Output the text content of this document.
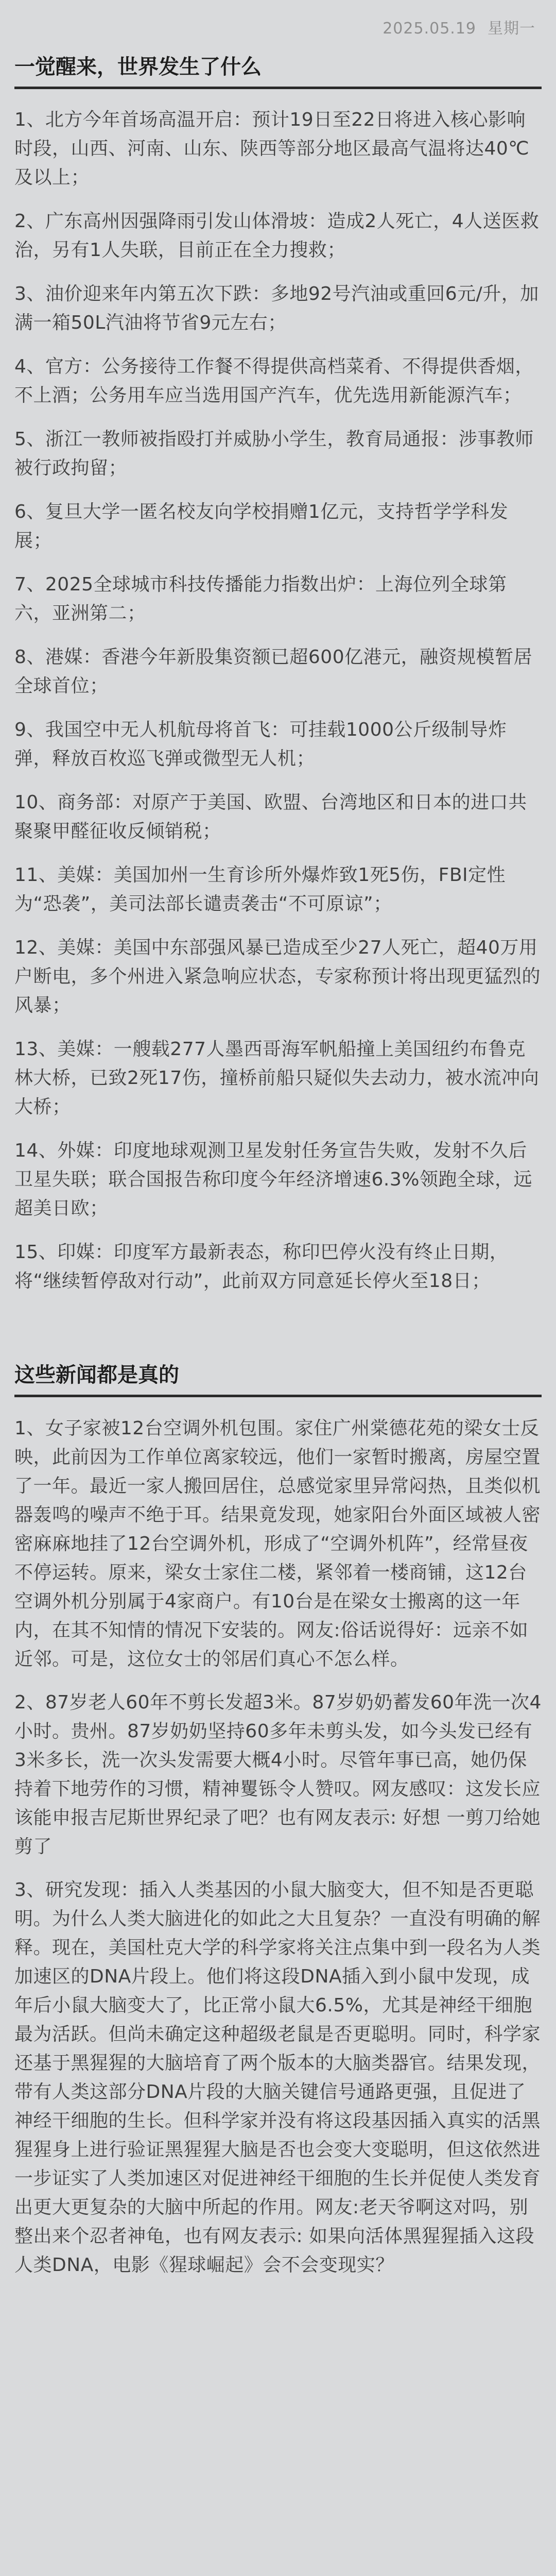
2025.05.19 星期一
一觉醒来，世界发生了什么

1、北方今年首场高温开启：预计19日至22日将进入核心影响时段，山西、河南、山东、陕西等部分地区最高气温将达40℃及以上；

2、广东高州因强降雨引发山体滑坡：造成2人死亡，4人送医救治，另有1人失联，目前正在全力搜救；

3、油价迎来年内第五次下跌：多地92号汽油或重回6元/升，加满一箱50L汽油将节省9元左右；

4、官方：公务接待工作餐不得提供高档菜肴、不得提供香烟，不上酒；公务用车应当选用国产汽车，优先选用新能源汽车；

5、浙江一教师被指殴打并威胁小学生，教育局通报：涉事教师被行政拘留；

6、复旦大学一匿名校友向学校捐赠1亿元，支持哲学学科发展；

7、2025全球城市科技传播能力指数出炉：上海位列全球第六，亚洲第二；

8、港媒：香港今年新股集资额已超600亿港元，融资规模暂居全球首位；

9、我国空中无人机航母将首飞：可挂载1000公斤级制导炸弹，释放百枚巡飞弹或微型无人机；

10、商务部：对原产于美国、欧盟、台湾地区和日本的进口共聚聚甲醛征收反倾销税；

11、美媒：美国加州一生育诊所外爆炸致1死5伤，FBI定性为“恐袭”，美司法部长谴责袭击“不可原谅”；

12、美媒：美国中东部强风暴已造成至少27人死亡，超40万用户断电，多个州进入紧急响应状态，专家称预计将出现更猛烈的风暴；

13、美媒：一艘载277人墨西哥海军帆船撞上美国纽约布鲁克林大桥，已致2死17伤，撞桥前船只疑似失去动力，被水流冲向大桥；

14、外媒：印度地球观测卫星发射任务宣告失败，发射不久后卫星失联；联合国报告称印度今年经济增速6.3%领跑全球，远超美日欧；

15、印媒：印度军方最新表态，称印巴停火没有终止日期，将“继续暂停敌对行动”，此前双方同意延长停火至18日；

这些新闻都是真的

1、女子家被12台空调外机包围。家住广州棠德花苑的梁女士反映，此前因为工作单位离家较远，他们一家暂时搬离，房屋空置了一年。最近一家人搬回居住，总感觉家里异常闷热，且类似机器轰鸣的噪声不绝于耳。结果竟发现，她家阳台外面区域被人密密麻麻地挂了12台空调外机，形成了“空调外机阵”，经常昼夜不停运转。原来，梁女士家住二楼，紧邻着一楼商铺，这12台空调外机分别属于4家商户。有10台是在梁女士搬离的这一年内，在其不知情的情况下安装的。网友:俗话说得好：远亲不如近邻。可是，这位女士的邻居们真心不怎么样。

2、87岁老人60年不剪长发超3米。87岁奶奶蓄发60年洗一次4小时。贵州。87岁奶奶坚持60多年未剪头发，如今头发已经有3米多长，洗一次头发需要大概4小时。尽管年事已高，她仍保持着下地劳作的习惯，精神矍铄令人赞叹。网友感叹：这发长应该能申报吉尼斯世界纪录了吧？也有网友表示: 好想 一剪刀给她剪了

3、研究发现：插入人类基因的小鼠大脑变大，但不知是否更聪明。为什么人类大脑进化的如此之大且复杂？一直没有明确的解释。现在，美国杜克大学的科学家将关注点集中到一段名为人类加速区的DNA片段上。他们将这段DNA插入到小鼠中发现，成年后小鼠大脑变大了，比正常小鼠大6.5%，尤其是神经干细胞最为活跃。但尚未确定这种超级老鼠是否更聪明。同时，科学家还基于黑猩猩的大脑培育了两个版本的大脑类器官。结果发现，带有人类这部分DNA片段的大脑关键信号通路更强，且促进了神经干细胞的生长。但科学家并没有将这段基因插入真实的活黑猩猩身上进行验证黑猩猩大脑是否也会变大变聪明，但这依然进一步证实了人类加速区对促进神经干细胞的生长并促使人类发育出更大更复杂的大脑中所起的作用。网友:老天爷啊这对吗，别整出来个忍者神龟，也有网友表示: 如果向活体黑猩猩插入这段人类DNA，电影《猩球崛起》会不会变现实？
